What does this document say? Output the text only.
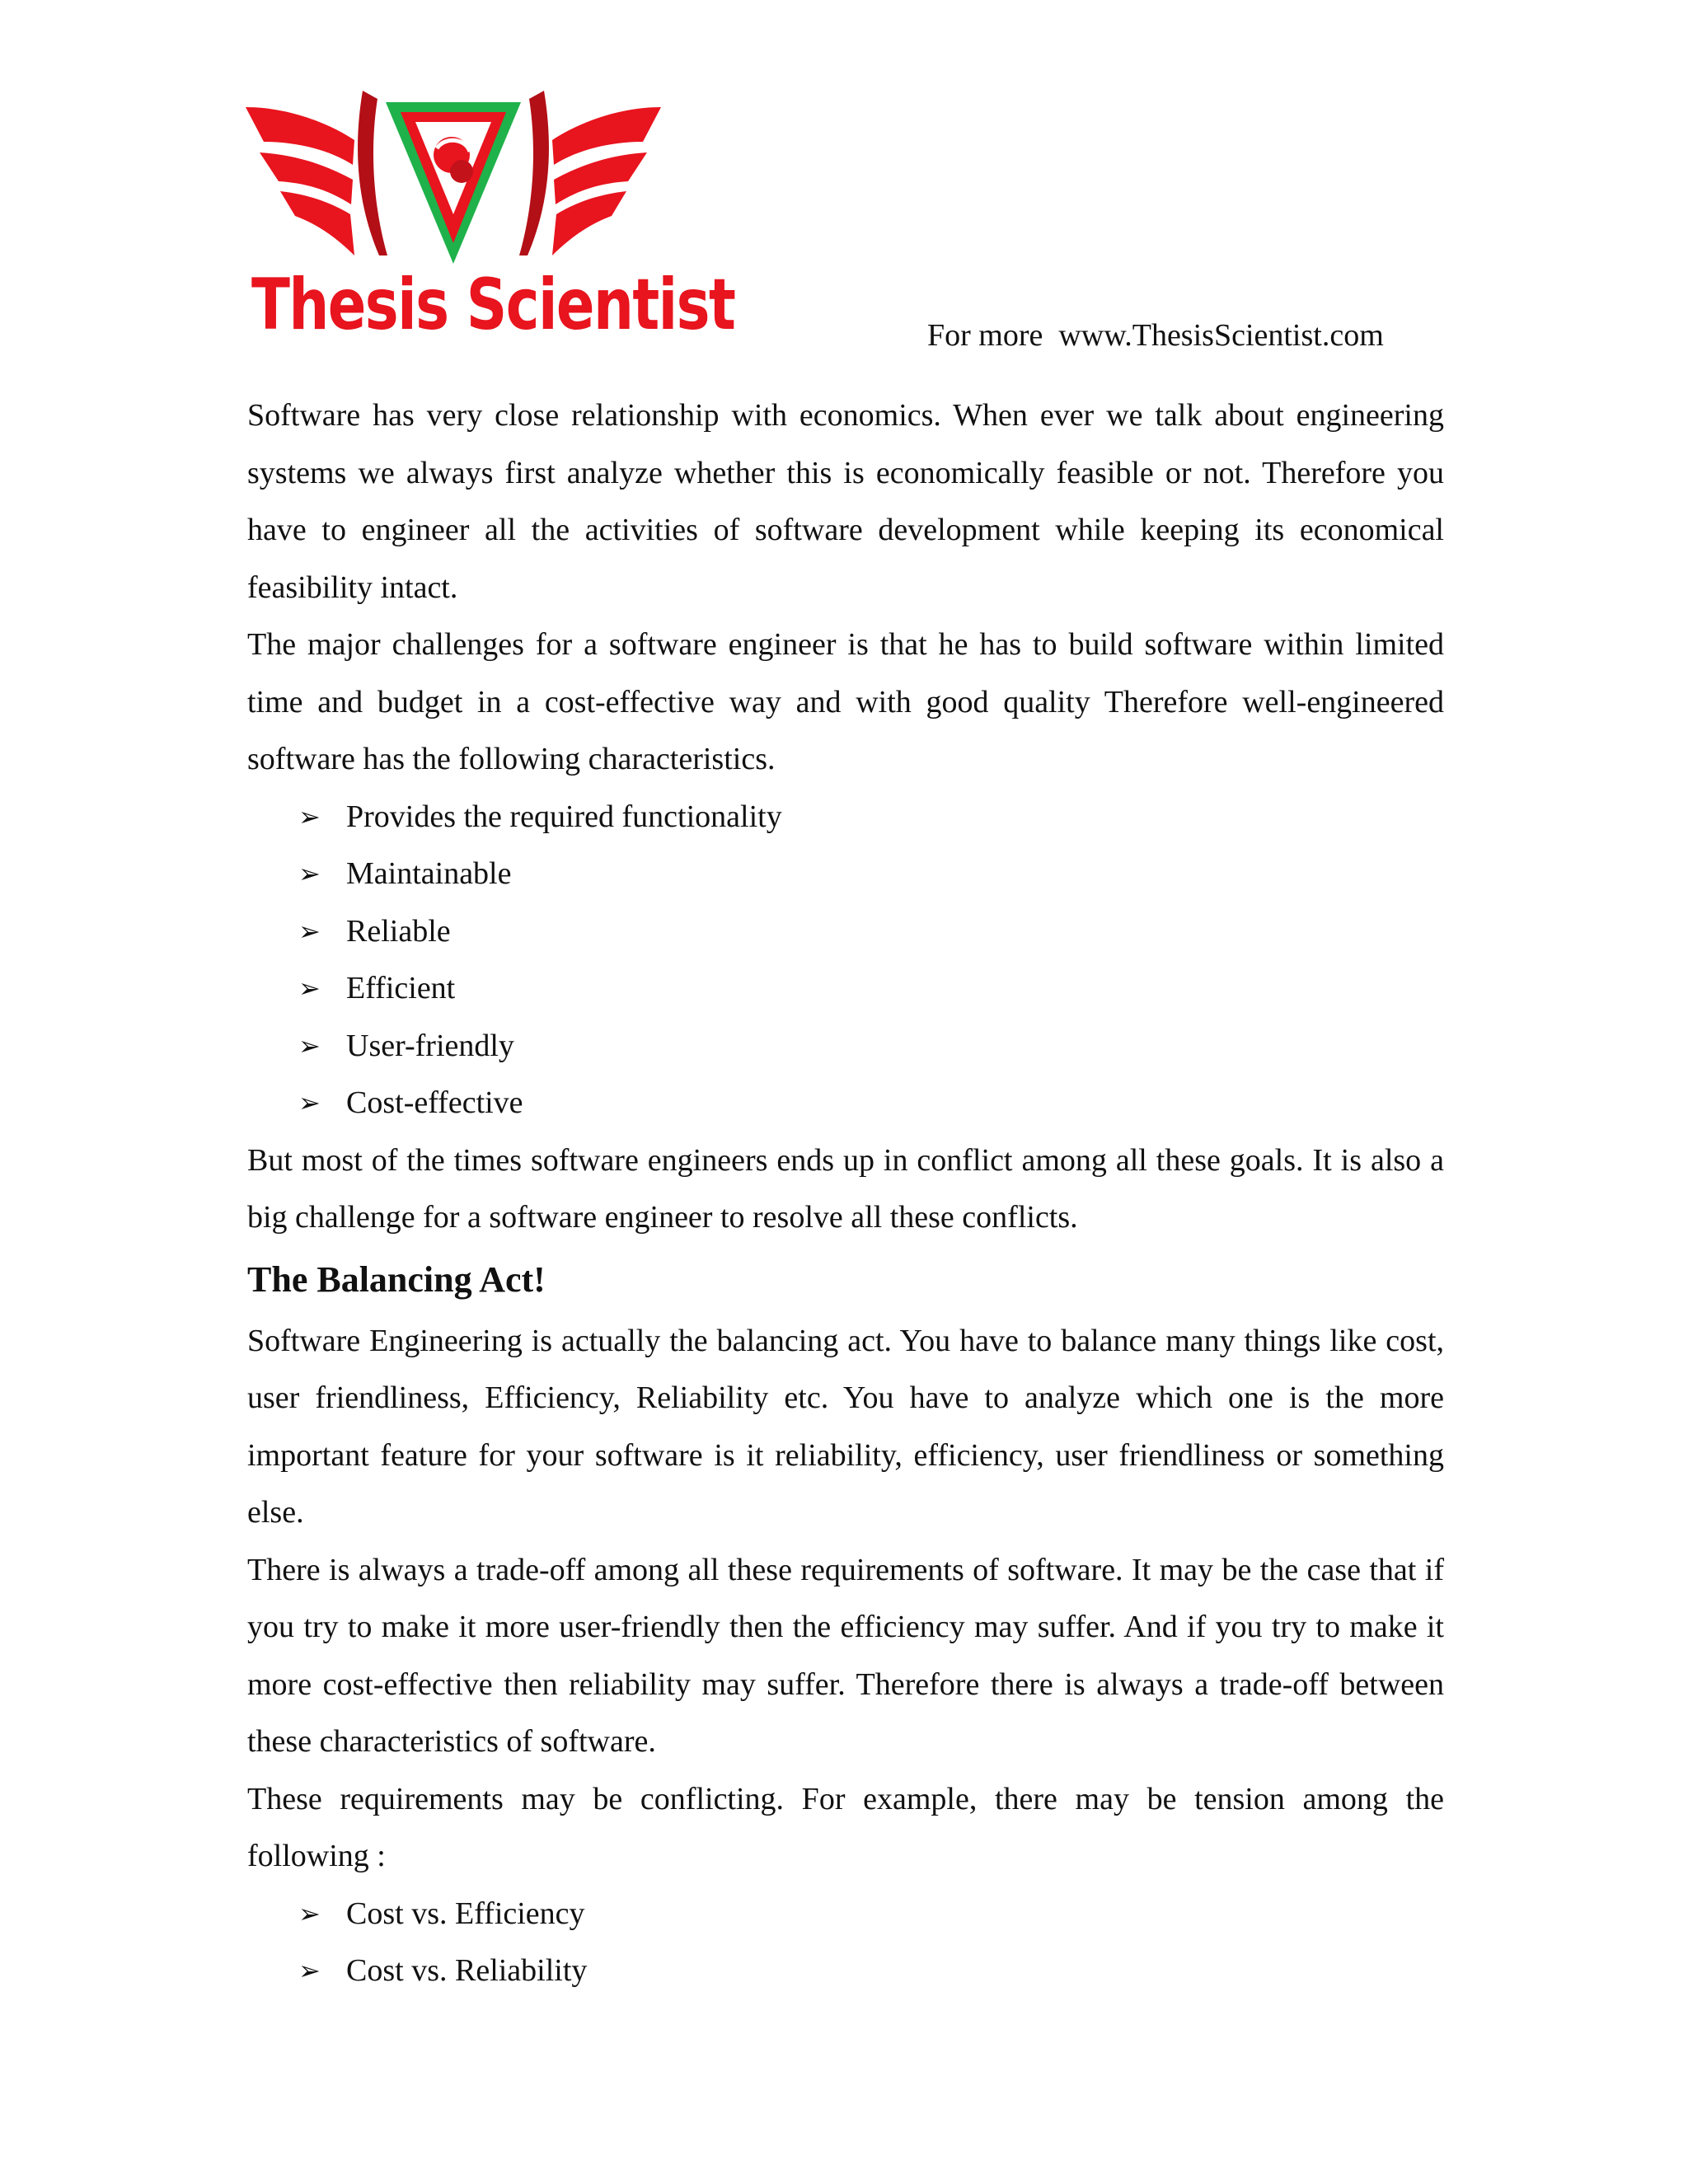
Thesis Scientist	For more  www.ThesisScientist.com

Software has very close relationship with economics. When ever we talk about engineering systems we always first analyze whether this is economically feasible or not. Therefore you have to engineer all the activities of software development while keeping its economical feasibility intact.

The major challenges for a software engineer is that he has to build software within limited time and budget in a cost-effective way and with good quality Therefore well-engineered software has the following characteristics.

➢ Provides the required functionality
➢ Maintainable
➢ Reliable
➢ Efficient
➢ User-friendly
➢ Cost-effective

But most of the times software engineers ends up in conflict among all these goals. It is also a big challenge for a software engineer to resolve all these conflicts.

The Balancing Act!

Software Engineering is actually the balancing act. You have to balance many things like cost, user friendliness, Efficiency, Reliability etc. You have to analyze which one is the more important feature for your software is it reliability, efficiency, user friendliness or something else.

There is always a trade-off among all these requirements of software. It may be the case that if you try to make it more user-friendly then the efficiency may suffer. And if you try to make it more cost-effective then reliability may suffer. Therefore there is always a trade-off between these characteristics of software.

These requirements may be conflicting. For example, there may be tension among the following :

➢ Cost vs. Efficiency
➢ Cost vs. Reliability
